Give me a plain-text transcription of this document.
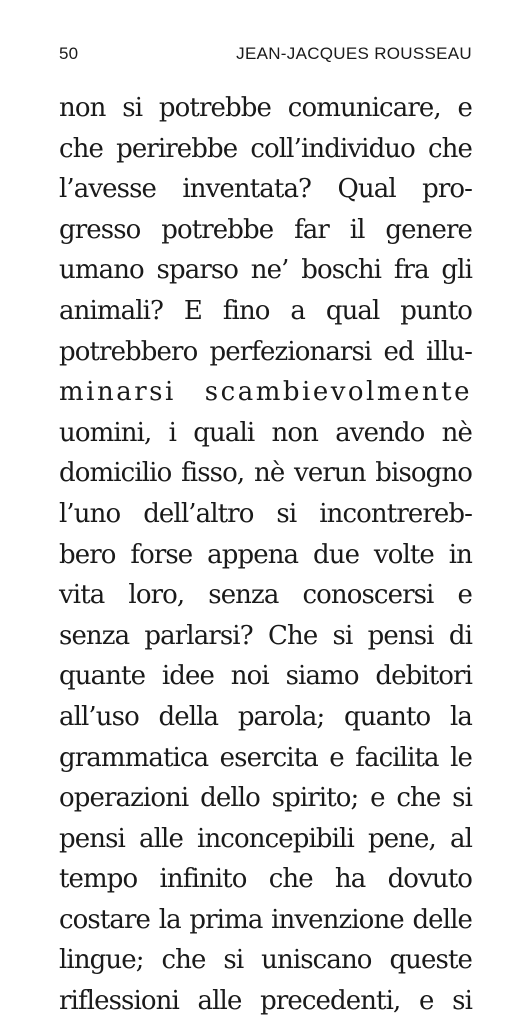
50	JEAN-JACQUES ROUSSEAU
non si potrebbe comunicare, e
che perirebbe coll’individuo che
l’avesse inventata? Qual pro-
gresso potrebbe far il genere
umano sparso ne’ boschi fra gli
animali? E fino a qual punto
potrebbero perfezionarsi ed illu-
minarsi scambievolmente
uomini, i quali non avendo nè
domicilio fisso, nè verun bisogno
l’uno dell’altro si incontrereb-
bero forse appena due volte in
vita loro, senza conoscersi e
senza parlarsi? Che si pensi di
quante idee noi siamo debitori
all’uso della parola; quanto la
grammatica esercita e facilita le
operazioni dello spirito; e che si
pensi alle inconcepibili pene, al
tempo infinito che ha dovuto
costare la prima invenzione delle
lingue; che si uniscano queste
riflessioni alle precedenti, e si
